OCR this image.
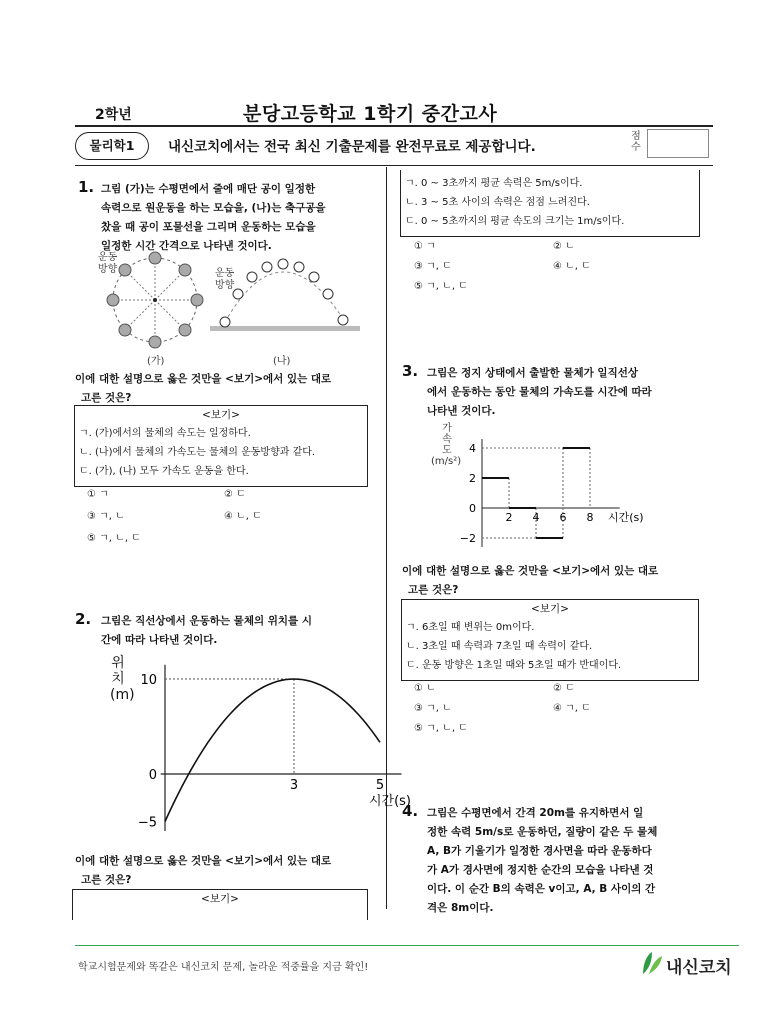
2학년	분당고등학교 1학기 중간고사
물리학1	내신코치에서는 전국 최신 기출문제를 완전무료로 제공합니다.
점수
1. 그림 (가)는 수평면에서 줄에 매단 공이 일정한
속력으로 원운동을 하는 모습을, (나)는 축구공을
찼을 때 공이 포물선을 그리며 운동하는 모습을
일정한 시간 간격으로 나타낸 것이다.
운동
방향	운동
방향
(가)	(나)
이에 대한 설명으로 옳은 것만을 <보기>에서 있는 대로
고른 것은?
<보기>
ㄱ. (가)에서의 물체의 속도는 일정하다.
ㄴ. (나)에서 물체의 가속도는 물체의 운동방향과 같다.
ㄷ. (가), (나) 모두 가속도 운동을 한다.
① ㄱ	② ㄷ
③ ㄱ, ㄴ	④ ㄴ, ㄷ
⑤ ㄱ, ㄴ, ㄷ
2. 그림은 직선상에서 운동하는 물체의 위치를 시
간에 따라 나타낸 것이다.
10
0
−5
3	5
시간(s)
위치(m)
이에 대한 설명으로 옳은 것만을 <보기>에서 있는 대로
고른 것은?
<보기>
ㄱ. 0 ~ 3초까지 평균 속력은 5m/s이다.
ㄴ. 3 ~ 5초 사이의 속력은 점점 느려진다.
ㄷ. 0 ~ 5초까지의 평균 속도의 크기는 1m/s이다.
① ㄱ	② ㄴ
③ ㄱ, ㄷ	④ ㄴ, ㄷ
⑤ ㄱ, ㄴ, ㄷ
3. 그림은 정지 상태에서 출발한 물체가 일직선상
에서 운동하는 동안 물체의 가속도를 시간에 따라
나타낸 것이다.
가
속
도
(m/s²)
4
2
0
−2
2 4 6 8 시간(s)
이에 대한 설명으로 옳은 것만을 <보기>에서 있는 대로
고른 것은?
<보기>
ㄱ. 6초일 때 변위는 0m이다.
ㄴ. 3초일 때 속력과 7초일 때 속력이 같다.
ㄷ. 운동 방향은 1초일 때와 5초일 때가 반대이다.
① ㄴ	② ㄷ
③ ㄱ, ㄴ	④ ㄱ, ㄷ
⑤ ㄱ, ㄴ, ㄷ
4. 그림은 수평면에서 간격 20m를 유지하면서 일
정한 속력 5m/s로 운동하던, 질량이 같은 두 물체
A, B가 기울기가 일정한 경사면을 따라 운동하다
가 A가 경사면에 정지한 순간의 모습을 나타낸 것
이다. 이 순간 B의 속력은 v이고, A, B 사이의 간
격은 8m이다.
학교시험문제와 똑같은 내신코치 문제, 놀라운 적중률을 지금 확인!	내신코치
